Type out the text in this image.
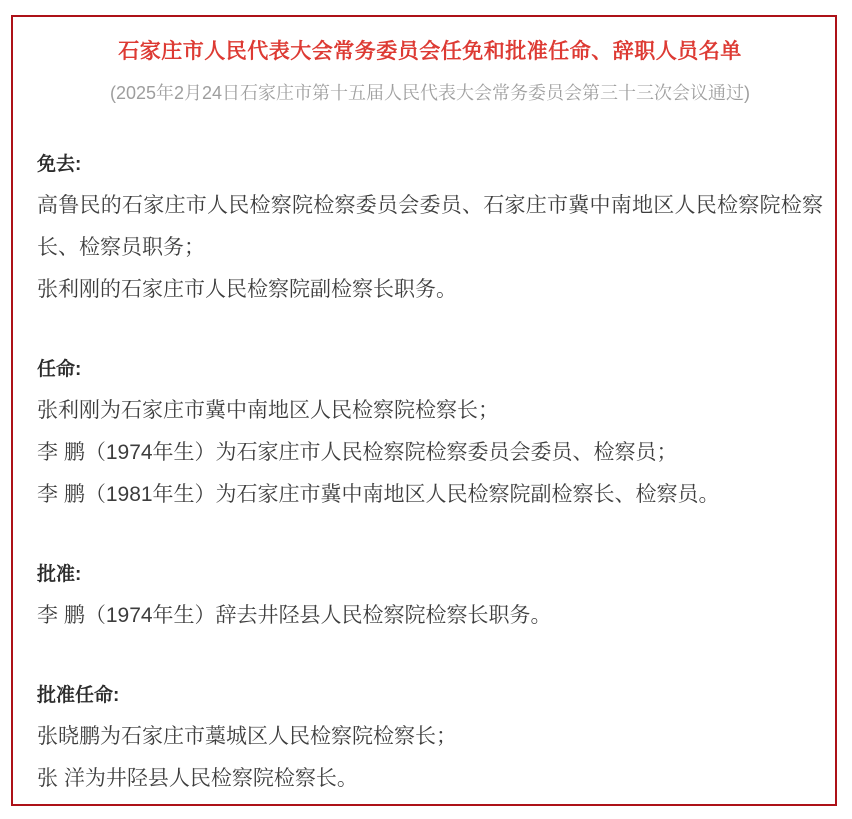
石家庄市人民代表大会常务委员会任免和批准任命、辞职人员名单

(2025年2月24日石家庄市第十五届人民代表大会常务委员会第三十三次会议通过)

免去:

高鲁民的石家庄市人民检察院检察委员会委员、石家庄市冀中南地区人民检察院检察长、检察员职务；

张利刚的石家庄市人民检察院副检察长职务。

任命:

张利刚为石家庄市冀中南地区人民检察院检察长；

李 鹏（1974年生）为石家庄市人民检察院检察委员会委员、检察员；

李 鹏（1981年生）为石家庄市冀中南地区人民检察院副检察长、检察员。

批准:

李 鹏（1974年生）辞去井陉县人民检察院检察长职务。

批准任命:

张晓鹏为石家庄市藁城区人民检察院检察长；

张 洋为井陉县人民检察院检察长。
